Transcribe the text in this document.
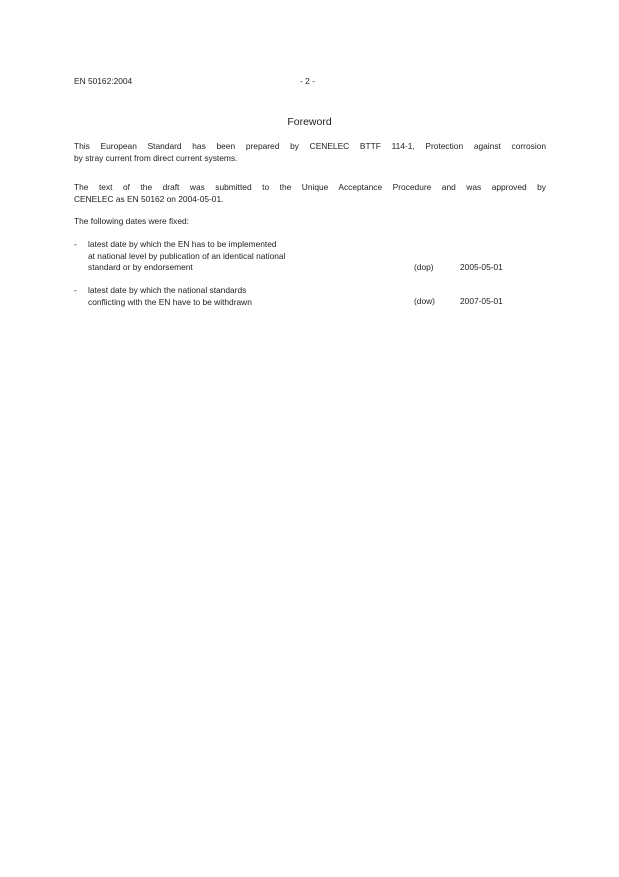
EN 50162:2004	- 2 -
Foreword
This European Standard has been prepared by CENELEC BTTF 114-1, Protection against corrosion
by stray current from direct current systems.
The text of the draft was submitted to the Unique Acceptance Procedure and was approved by
CENELEC as EN 50162 on 2004-05-01.
The following dates were fixed:
- latest date by which the EN has to be implemented
at national level by publication of an identical national
standard or by endorsement	(dop)	2005-05-01
- latest date by which the national standards
conflicting with the EN have to be withdrawn	(dow)	2007-05-01
